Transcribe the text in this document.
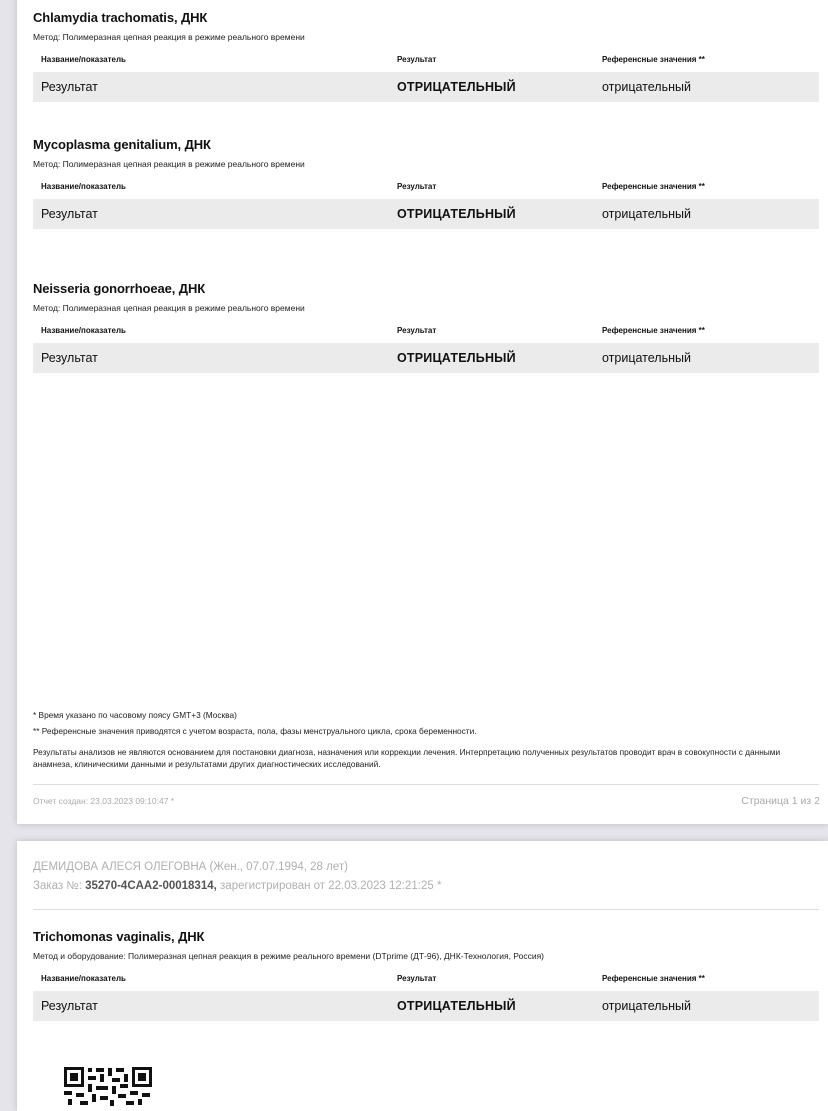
Chlamydia trachomatis, ДНК
Метод: Полимеразная цепная реакция в режиме реального времени
Название/показатель	Результат	Референсные значения **
Результат	ОТРИЦАТЕЛЬНЫЙ	отрицательный
Mycoplasma genitalium, ДНК
Метод: Полимеразная цепная реакция в режиме реального времени
Название/показатель	Результат	Референсные значения **
Результат	ОТРИЦАТЕЛЬНЫЙ	отрицательный
Neisseria gonorrhoeae, ДНК
Метод: Полимеразная цепная реакция в режиме реального времени
Название/показатель	Результат	Референсные значения **
Результат	ОТРИЦАТЕЛЬНЫЙ	отрицательный
* Время указано по часовому поясу GMT+3 (Москва)
** Референсные значения приводятся с учетом возраста, пола, фазы менструального цикла, срока беременности.
Результаты анализов не являются основанием для постановки диагноза, назначения или коррекции лечения. Интерпретацию полученных результатов проводит врач в совокупности с данными анамнеза, клиническими данными и результатами других диагностических исследований.
Отчет создан: 23.03.2023 09:10:47 *	Страница 1 из 2
ДЕМИДОВА АЛЕСЯ ОЛЕГОВНА (Жен., 07.07.1994, 28 лет)
Заказ №: 35270-4CAA2-00018314, зарегистрирован от 22.03.2023 12:21:25 *
Trichomonas vaginalis, ДНК
Метод и оборудование: Полимеразная цепная реакция в режиме реального времени (DTprime (ДТ-96), ДНК-Технология, Россия)
Название/показатель	Результат	Референсные значения **
Результат	ОТРИЦАТЕЛЬНЫЙ	отрицательный
